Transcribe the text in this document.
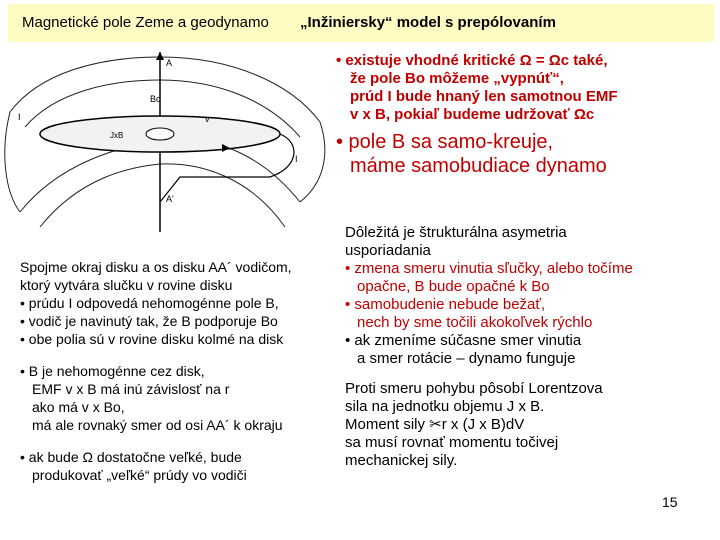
Magnetické pole Zeme a geodynamo „Inžiniersky“ model s prepólovaním
A
A'
I
JxB
v
Bo
I
• existuje vhodné kritické Ω = Ωc také,
že pole Bo môžeme „vypnúť“,
prúd I bude hnaný len samotnou EMF
v x B, pokiaľ budeme udržovať Ωc
• pole B sa samo-kreuje,
máme samobudiace dynamo
Spojme okraj disku a os disku AA´ vodičom,
ktorý vytvára slučku v rovine disku
• prúdu I odpovedá nehomogénne pole B,
• vodič je navinutý tak, že B podporuje Bo
• obe polia sú v rovine disku kolmé na disk
• B je nehomogénne cez disk,
EMF v x B má inú závislosť na r
ako má v x Bo,
má ale rovnaký smer od osi AA´ k okraju
• ak bude Ω dostatočne veľké, bude
produkovať „veľké“ prúdy vo vodiči
Dôležitá je štrukturálna asymetria
usporiadania
• zmena smeru vinutia sľučky, alebo točíme
opačne, B bude opačné k Bo
• samobudenie nebude bežať,
nech by sme točili akokoľvek rýchlo
• ak zmeníme súčasne smer vinutia
a smer rotácie – dynamo funguje
Proti smeru pohybu pôsobí Lorentzova
sila na jednotku objemu J x B.
Moment sily ✂r x (J x B)dV
sa musí rovnať momentu točivej
mechanickej sily.
15
